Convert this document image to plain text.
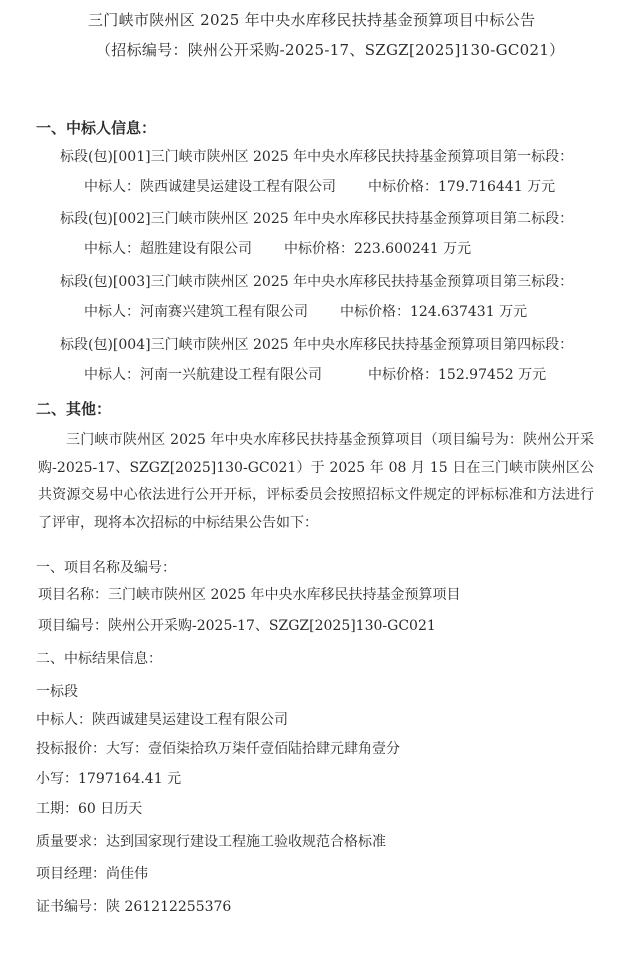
三门峡市陕州区 2025 年中央水库移民扶持基金预算项目中标公告
（招标编号：陕州公开采购-2025-17、SZGZ[2025]130-GC021）
一、中标人信息：
标段(包)[001]三门峡市陕州区 2025 年中央水库移民扶持基金预算项目第一标段：
中标人：陕西诚建昊运建设工程有限公司 中标价格：179.716441 万元
标段(包)[002]三门峡市陕州区 2025 年中央水库移民扶持基金预算项目第二标段：
中标人：超胜建设有限公司 中标价格：223.600241 万元
标段(包)[003]三门峡市陕州区 2025 年中央水库移民扶持基金预算项目第三标段：
中标人：河南赛兴建筑工程有限公司 中标价格：124.637431 万元
标段(包)[004]三门峡市陕州区 2025 年中央水库移民扶持基金预算项目第四标段：
中标人：河南一兴航建设工程有限公司	中标价格：152.97452 万元
二、其他：
三门峡市陕州区 2025 年中央水库移民扶持基金预算项目（项目编号为：陕州公开采购-2025-17、SZGZ[2025]130-GC021）于 2025 年 08 月 15 日在三门峡市陕州区公共资源交易中心依法进行公开开标，评标委员会按照招标文件规定的评标标准和方法进行了评审，现将本次招标的中标结果公告如下：
一、项目名称及编号：
项目名称：三门峡市陕州区 2025 年中央水库移民扶持基金预算项目
项目编号：陕州公开采购-2025-17、SZGZ[2025]130-GC021
二、中标结果信息：
一标段
中标人：陕西诚建昊运建设工程有限公司
投标报价：大写：壹佰柒拾玖万柒仟壹佰陆拾肆元肆角壹分
小写：1797164.41 元
工期：60 日历天
质量要求：达到国家现行建设工程施工验收规范合格标准
项目经理：尚佳伟
证书编号：陕 261212255376
